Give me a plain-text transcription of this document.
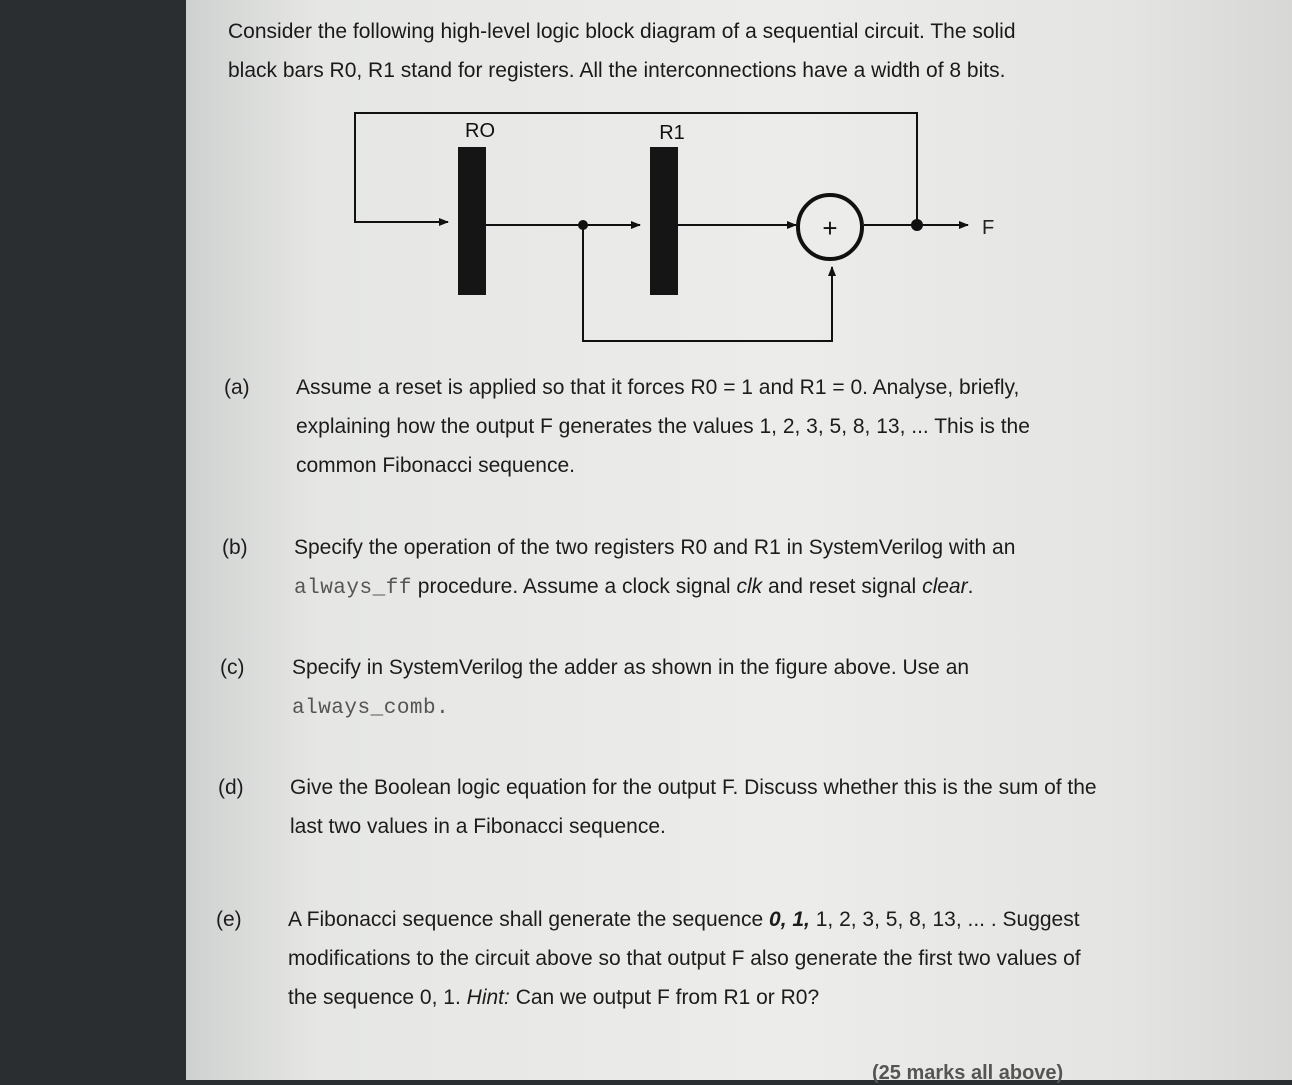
Consider the following high-level logic block diagram of a sequential circuit. The solid
black bars R0, R1 stand for registers. All the interconnections have a width of 8 bits.
+
RO	R1
F
(a) Assume a reset is applied so that it forces R0 = 1 and R1 = 0. Analyse, briefly, explaining how the output F generates the values 1, 2, 3, 5, 8, 13, ... This is the common Fibonacci sequence.

(b) Specify the operation of the two registers R0 and R1 in SystemVerilog with an always_ff procedure. Assume a clock signal clk and reset signal clear.

(c) Specify in SystemVerilog the adder as shown in the figure above. Use an
always_comb.

(d) Give the Boolean logic equation for the output F. Discuss whether this is the sum of the last two values in a Fibonacci sequence.

(e) A Fibonacci sequence shall generate the sequence 0, 1, 1, 2, 3, 5, 8, 13, ... . Suggest modifications to the circuit above so that output F also generate the first two values of the sequence 0, 1. Hint: Can we output F from R1 or R0?

(25 marks all above)
